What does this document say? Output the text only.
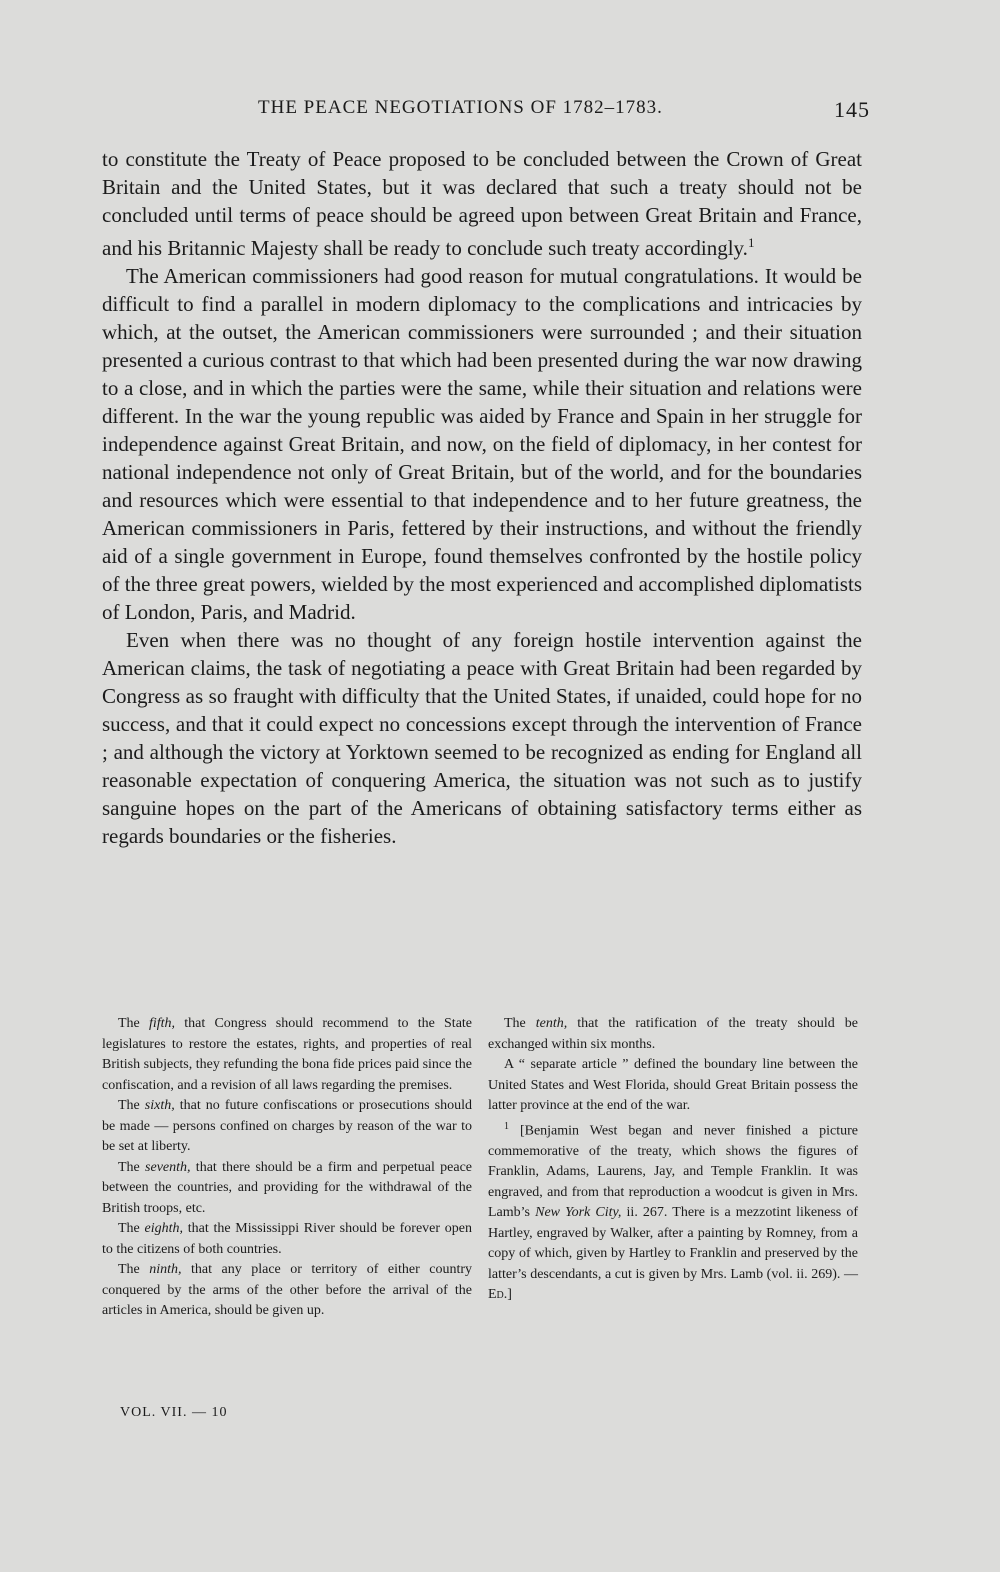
THE PEACE NEGOTIATIONS OF 1782–1783.	145

to constitute the Treaty of Peace proposed to be concluded between the Crown of Great Britain and the United States, but it was declared that such a treaty should not be concluded until terms of peace should be agreed upon between Great Britain and France, and his Britannic Majesty shall be ready to conclude such treaty accordingly.$^1$

The American commissioners had good reason for mutual congratulations. It would be difficult to find a parallel in modern diplomacy to the complications and intricacies by which, at the outset, the American commissioners were surrounded ; and their situation presented a curious contrast to that which had been presented during the war now drawing to a close, and in which the parties were the same, while their situation and relations were different. In the war the young republic was aided by France and Spain in her struggle for independence against Great Britain, and now, on the field of diplomacy, in her contest for national independence not only of Great Britain, but of the world, and for the boundaries and resources which were essential to that independence and to her future greatness, the American commissioners in Paris, fettered by their instructions, and without the friendly aid of a single government in Europe, found themselves confronted by the hostile policy of the three great powers, wielded by the most experienced and accomplished diplomatists of London, Paris, and Madrid.

Even when there was no thought of any foreign hostile intervention against the American claims, the task of negotiating a peace with Great Britain had been regarded by Congress as so fraught with difficulty that the United States, if unaided, could hope for no success, and that it could expect no concessions except through the intervention of France ; and although the victory at Yorktown seemed to be recognized as ending for England all reasonable expectation of conquering America, the situation was not such as to justify sanguine hopes on the part of the Americans of obtaining satisfactory terms either as regards boundaries or the fisheries.

The fifth, that Congress should recommend to the State legislatures to restore the estates, rights, and properties of real British subjects, they refunding the bona fide prices paid since the confiscation, and a revision of all laws regarding the premises.

The sixth, that no future confiscations or prosecutions should be made — persons confined on charges by reason of the war to be set at liberty.

The seventh, that there should be a firm and perpetual peace between the countries, and providing for the withdrawal of the British troops, etc.

The eighth, that the Mississippi River should be forever open to the citizens of both countries.

The ninth, that any place or territory of either country conquered by the arms of the other before the arrival of the articles in America, should be given up.

The tenth, that the ratification of the treaty should be exchanged within six months.

A “ separate article ” defined the boundary line between the United States and West Florida, should Great Britain possess the latter province at the end of the war.

$^1$ [Benjamin West began and never finished a picture commemorative of the treaty, which shows the figures of Franklin, Adams, Laurens, Jay, and Temple Franklin. It was engraved, and from that reproduction a woodcut is given in Mrs. Lamb’s New York City, ii. 267. There is a mezzotint likeness of Hartley, engraved by Walker, after a painting by Romney, from a copy of which, given by Hartley to Franklin and preserved by the latter’s descendants, a cut is given by Mrs. Lamb (vol. ii. 269). — Ed.]

VOL. VII. — 10
